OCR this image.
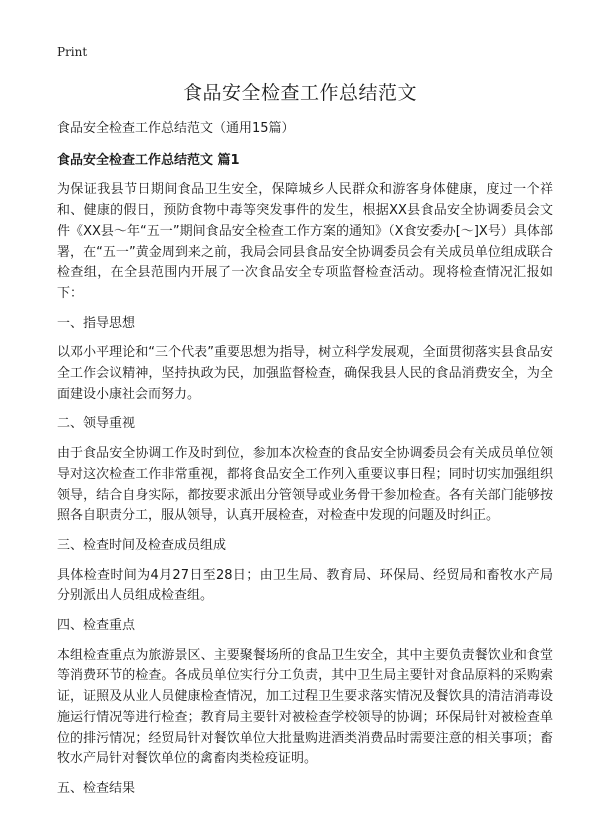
Print
食品安全检查工作总结范文

食品安全检查工作总结范文（通用15篇）

食品安全检查工作总结范文 篇1

为保证我县节日期间食品卫生安全，保障城乡人民群众和游客身体健康，度过一个祥和、健康的假日，预防食物中毒等突发事件的发生，根据XX县食品安全协调委员会文件《XX县～年“五一”期间食品安全检查工作方案的通知》（X食安委办[～]X号）具体部署，在“五一”黄金周到来之前，我局会同县食品安全协调委员会有关成员单位组成联合检查组，在全县范围内开展了一次食品安全专项监督检查活动。现将检查情况汇报如下：

一、指导思想

以邓小平理论和“三个代表”重要思想为指导，树立科学发展观，全面贯彻落实县食品安全工作会议精神，坚持执政为民，加强监督检查，确保我县人民的食品消费安全，为全面建设小康社会而努力。

二、领导重视

由于食品安全协调工作及时到位，参加本次检查的食品安全协调委员会有关成员单位领导对这次检查工作非常重视，都将食品安全工作列入重要议事日程；同时切实加强组织领导，结合自身实际，都按要求派出分管领导或业务骨干参加检查。各有关部门能够按照各自职责分工，服从领导，认真开展检查，对检查中发现的问题及时纠正。

三、检查时间及检查成员组成

具体检查时间为4月27日至28日；由卫生局、教育局、环保局、经贸局和畜牧水产局分别派出人员组成检查组。

四、检查重点

本组检查重点为旅游景区、主要聚餐场所的食品卫生安全，其中主要负责餐饮业和食堂等消费环节的检查。各成员单位实行分工负责，其中卫生局主要针对食品原料的采购索证，证照及从业人员健康检查情况，加工过程卫生要求落实情况及餐饮具的清洁消毒设施运行情况等进行检查；教育局主要针对被检查学校领导的协调；环保局针对被检查单位的排污情况；经贸局针对餐饮单位大批量购进酒类消费品时需要注意的相关事项；畜牧水产局针对餐饮单位的禽畜肉类检疫证明。

五、检查结果
